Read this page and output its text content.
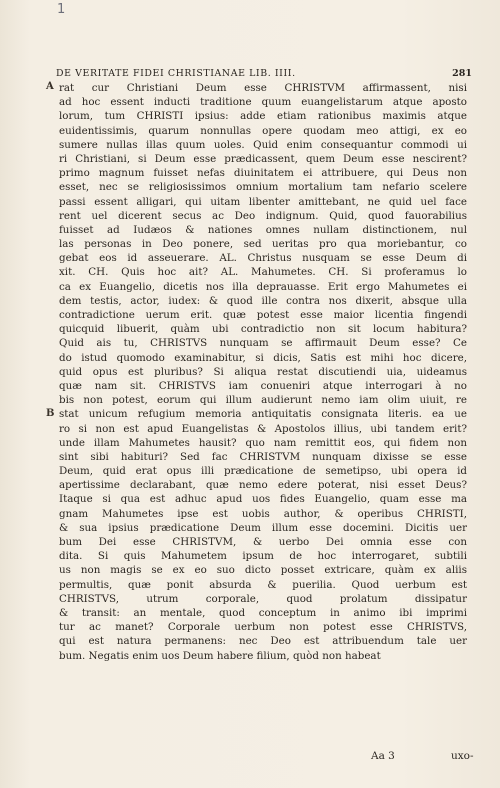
1
DE VERITATE FIDEI CHRISTIANAE LIB. IIII.	281
A
B
rat cur Christiani Deum esse CHRISTVM affirmassent, nisi
ad hoc essent inducti traditione quum euangelistarum atque aposto
lorum, tum CHRISTI ipsius: adde etiam rationibus maximis atque
euidentissimis, quarum nonnullas opere quodam meo attigi, ex eo
sumere nullas illas quum uoles. Quid enim consequantur commodi ui
ri Christiani, si Deum esse prædicassent, quem Deum esse nescirent?
primo magnum fuisset nefas diuinitatem ei attribuere, qui Deus non
esset, nec se religiosissimos omnium mortalium tam nefario scelere
passi essent alligari, qui uitam libenter amittebant, ne quid uel face
rent uel dicerent secus ac Deo indignum. Quid, quod fauorabilius
fuisset ad Iudæos & nationes omnes nullam distinctionem, nul
las personas in Deo ponere, sed ueritas pro qua moriebantur, co
gebat eos id asseuerare. AL. Christus nusquam se esse Deum di
xit. CH. Quis hoc ait? AL. Mahumetes. CH. Si proferamus lo
ca ex Euangelio, dicetis nos illa deprauasse. Erit ergo Mahumetes ei
dem testis, actor, iudex: & quod ille contra nos dixerit, absque ulla
contradictione uerum erit. quæ potest esse maior licentia fingendi
quicquid libuerit, quàm ubi contradictio non sit locum habitura?
Quid ais tu, CHRISTVS nunquam se affirmauit Deum esse? Ce
do istud quomodo examinabitur, si dicis, Satis est mihi hoc dicere,
quid opus est pluribus? Si aliqua restat discutiendi uia, uideamus
quæ nam sit. CHRISTVS iam conueniri atque interrogari à no
bis non potest, eorum qui illum audierunt nemo iam olim uiuit, re
stat unicum refugium memoria antiquitatis consignata literis. ea ue
ro si non est apud Euangelistas & Apostolos illius, ubi tandem erit?
unde illam Mahumetes hausit? quo nam remittit eos, qui fidem non
sint sibi habituri? Sed fac CHRISTVM nunquam dixisse se esse
Deum, quid erat opus illi prædicatione de semetipso, ubi opera id
apertissime declarabant, quæ nemo edere poterat, nisi esset Deus?
Itaque si qua est adhuc apud uos fides Euangelio, quam esse ma
gnam Mahumetes ipse est uobis author, & operibus CHRISTI,
& sua ipsius prædicatione Deum illum esse docemini. Dicitis uer
bum Dei esse CHRISTVM, & uerbo Dei omnia esse con
dita. Si quis Mahumetem ipsum de hoc interrogaret, subtili
us non magis se ex eo suo dicto posset extricare, quàm ex aliis
permultis, quæ ponit absurda & puerilia. Quod uerbum est
CHRISTVS, utrum corporale, quod prolatum dissipatur
& transit: an mentale, quod conceptum in animo ibi imprimi
tur ac manet? Corporale uerbum non potest esse CHRISTVS,
qui est natura permanens: nec Deo est attribuendum tale uer
bum. Negatis enim uos Deum habere filium, quòd non habeat
Aa 3	uxo-
